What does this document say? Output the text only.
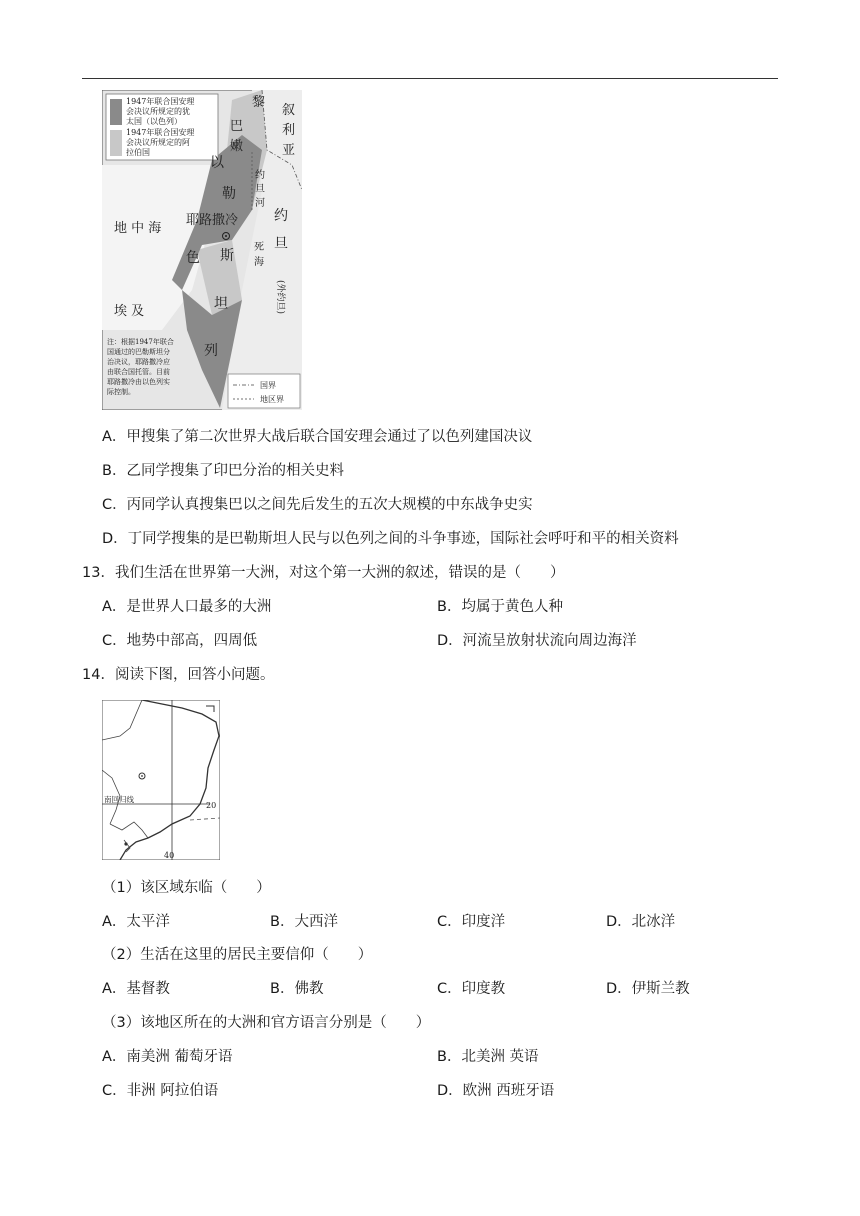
1947年联合国安理
会决议所规定的犹
太国（以色列）
1947年联合国安理
会决议所规定的阿
拉伯国
黎
巴
嫩
叙
利
亚
约
旦
河
约
旦
(外约旦)
地 中 海
以
色
列
勒
斯
坦
耶路撒冷
死
海
埃 及
注：根据1947年联合
国通过的巴勒斯坦分
治决议，耶路撒冷应
由联合国托管。目前
耶路撒冷由以色列实
际控制。
国界
地区界
A．甲搜集了第二次世界大战后联合国安理会通过了以色列建国决议
B．乙同学搜集了印巴分治的相关史料
C．丙同学认真搜集巴以之间先后发生的五次大规模的中东战争史实
D．丁同学搜集的是巴勒斯坦人民与以色列之间的斗争事迹，国际社会呼吁和平的相关资料
13．我们生活在世界第一大洲，对这个第一大洲的叙述，错误的是（　　）
A．是世界人口最多的大洲	B．均属于黄色人种
C．地势中部高，四周低	D．河流呈放射状流向周边海洋
14．阅读下图，回答小问题。
南回归线
20
40
（1）该区域东临（　　）
A．太平洋	B．大西洋	C．印度洋	D．北冰洋
（2）生活在这里的居民主要信仰（　　）
A．基督教	B．佛教	C．印度教	D．伊斯兰教
（3）该地区所在的大洲和官方语言分别是（　　）
A．南美洲 葡萄牙语	B．北美洲 英语
C．非洲 阿拉伯语	D．欧洲 西班牙语
